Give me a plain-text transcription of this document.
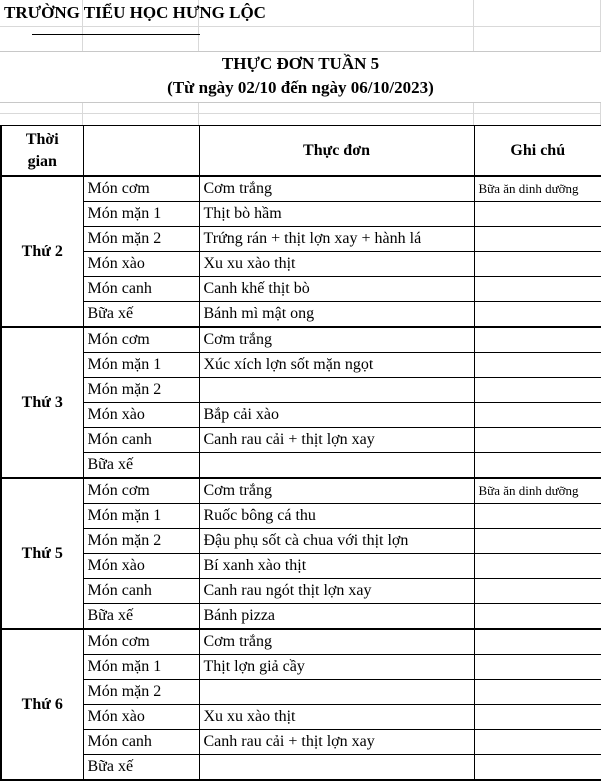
TRƯỜNG TIỂU HỌC HƯNG LỘC
THỰC ĐƠN TUẦN 5
(Từ ngày 02/10 đến ngày 06/10/2023)
Thời gian		Thực đơn	Ghi chú
Thứ 2	Món cơm	Cơm trắng	Bữa ăn dinh dưỡng
	Món mặn 1	Thịt bò hầm	
	Món mặn 2	Trứng rán + thịt lợn xay + hành lá	
	Món xào	Xu xu xào thịt	
	Món canh	Canh khế thịt bò	
	Bữa xế	Bánh mì mật ong	
Thứ 3	Món cơm	Cơm trắng	
	Món mặn 1	Xúc xích lợn sốt mặn ngọt	
	Món mặn 2		
	Món xào	Bắp cải xào	
	Món canh	Canh rau cải + thịt lợn xay	
	Bữa xế		
Thứ 5	Món cơm	Cơm trắng	Bữa ăn dinh dưỡng
	Món mặn 1	Ruốc bông cá thu	
	Món mặn 2	Đậu phụ sốt cà chua với thịt lợn	
	Món xào	Bí xanh xào thịt	
	Món canh	Canh rau ngót thịt lợn xay	
	Bữa xế	Bánh pizza	
Thứ 6	Món cơm	Cơm trắng	
	Món mặn 1	Thịt lợn giả cầy	
	Món mặn 2		
	Món xào	Xu xu xào thịt	
	Món canh	Canh rau cải + thịt lợn xay	
	Bữa xế		
